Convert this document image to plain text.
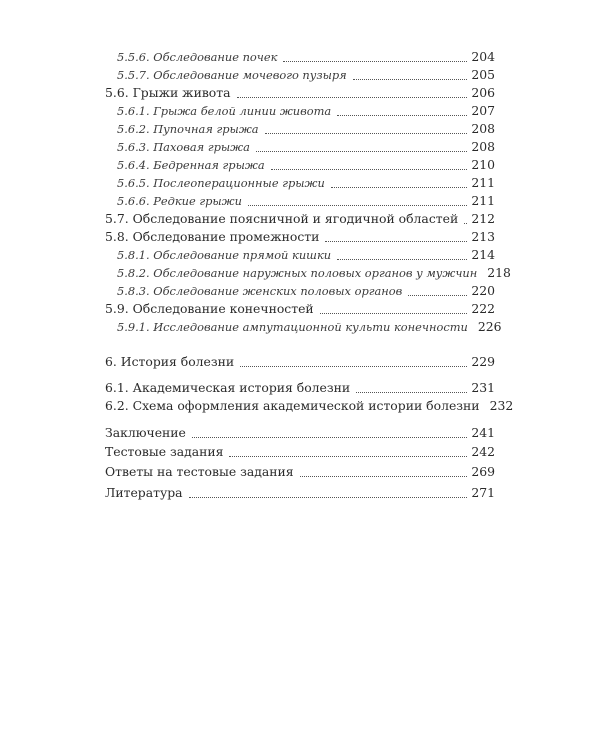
5.5.6. Обследование почек	204
5.5.7. Обследование мочевого пузыря	205
5.6. Грыжи живота	206
5.6.1. Грыжа белой линии живота	207
5.6.2. Пупочная грыжа	208
5.6.3. Паховая грыжа	208
5.6.4. Бедренная грыжа	210
5.6.5. Послеоперационные грыжи	211
5.6.6. Редкие грыжи	211
5.7. Обследование поясничной и ягодичной областей 212
5.8. Обследование промежности	213
5.8.1. Обследование прямой кишки	214
5.8.2. Обследование наружных половых органов у мужчин 218
5.8.3. Обследование женских половых органов	220
5.9. Обследование конечностей	222
5.9.1. Исследование ампутационной культи конечности 226
6. История болезни	229
6.1. Академическая история болезни	231
6.2. Схема оформления академической истории болезни 232
Заключение	241
Тестовые задания	242
Ответы на тестовые задания	269
Литература	271
